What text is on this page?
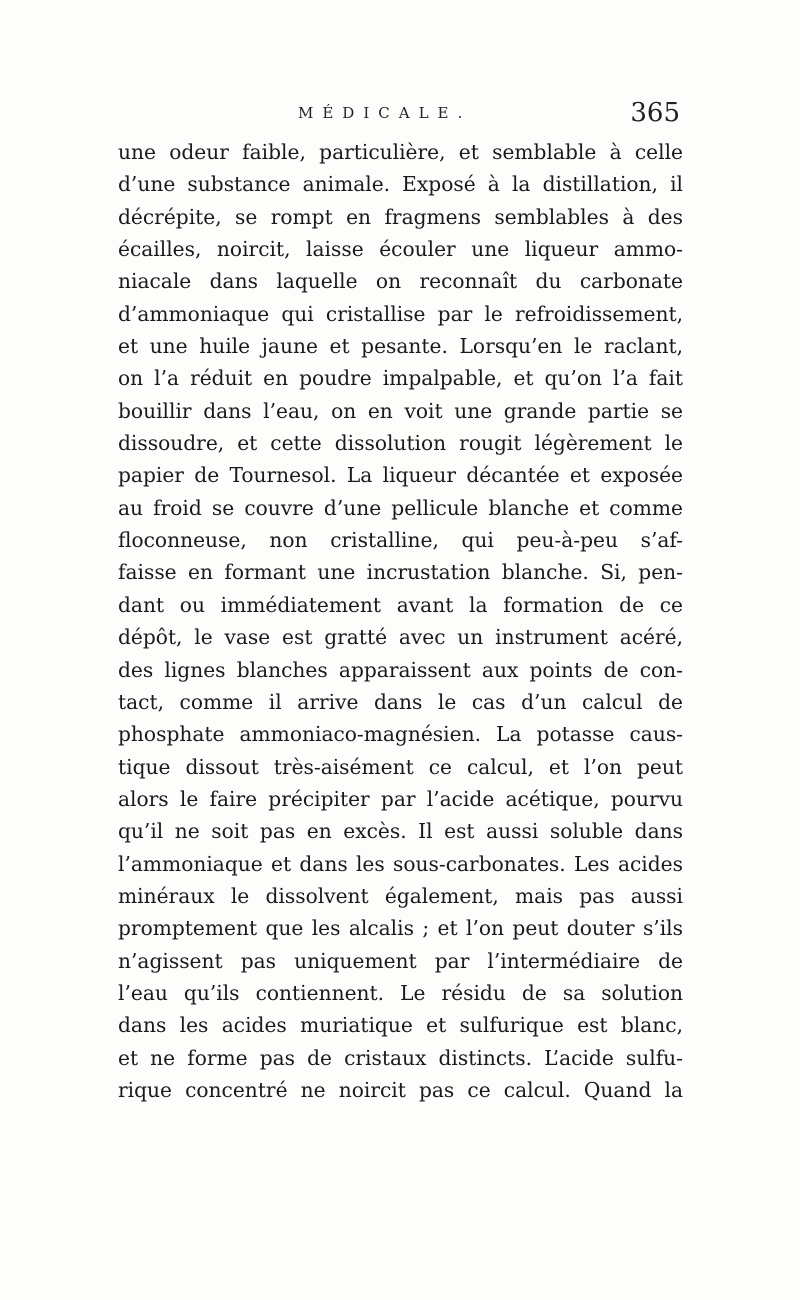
MÉDICALE.	365
une odeur faible, particulière, et semblable à celle
d’une substance animale. Exposé à la distillation, il
décrépite, se rompt en fragmens semblables à des
écailles, noircit, laisse écouler une liqueur ammo-
niacale dans laquelle on reconnaît du carbonate
d’ammoniaque qui cristallise par le refroidissement,
et une huile jaune et pesante. Lorsqu’en le raclant,
on l’a réduit en poudre impalpable, et qu’on l’a fait
bouillir dans l’eau, on en voit une grande partie se
dissoudre, et cette dissolution rougit légèrement le
papier de Tournesol. La liqueur décantée et exposée
au froid se couvre d’une pellicule blanche et comme
floconneuse, non cristalline, qui peu-à-peu s’af-
faisse en formant une incrustation blanche. Si, pen-
dant ou immédiatement avant la formation de ce
dépôt, le vase est gratté avec un instrument acéré,
des lignes blanches apparaissent aux points de con-
tact, comme il arrive dans le cas d’un calcul de
phosphate ammoniaco-magnésien. La potasse caus-
tique dissout très-aisément ce calcul, et l’on peut
alors le faire précipiter par l’acide acétique, pourvu
qu’il ne soit pas en excès. Il est aussi soluble dans
l’ammoniaque et dans les sous-carbonates. Les acides
minéraux le dissolvent également, mais pas aussi
promptement que les alcalis ; et l’on peut douter s’ils
n’agissent pas uniquement par l’intermédiaire de
l’eau qu’ils contiennent. Le résidu de sa solution
dans les acides muriatique et sulfurique est blanc,
et ne forme pas de cristaux distincts. L’acide sulfu-
rique concentré ne noircit pas ce calcul. Quand la
